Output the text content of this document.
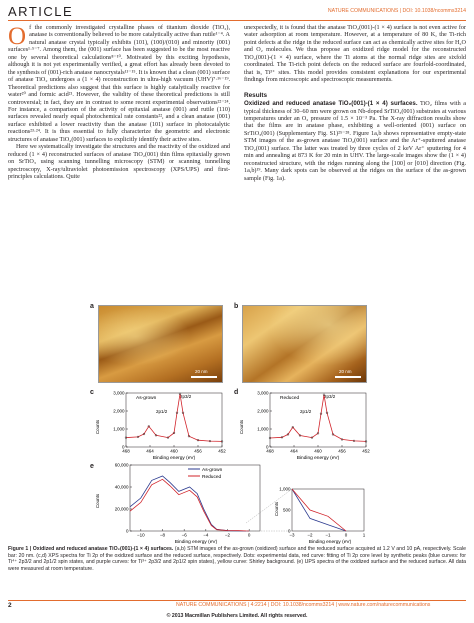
ARTICLE	NATURE COMMUNICATIONS | DOI: 10.1038/ncomms3214

Of the commonly investigated crystalline phases of titanium dioxide (TiO₂), anatase is conventionally believed to be more catalytically active than rutile¹⁻⁴. A natural anatase crystal typically exhibits (101), (100)/(010) and minority (001) surfaces¹·⁵⁻⁷. Among them, the (001) surface has been suggested to be the most reactive one by several theoretical calculations⁸⁻¹⁰. Motivated by this exciting hypothesis, although it is not yet experimentally verified, a great effort has already been devoted to the synthesis of (001)-rich anatase nanocrystals¹¹⁻¹⁵. It is known that a clean (001) surface of anatase TiO₂ undergoes a (1 × 4) reconstruction in ultra-high vacuum (UHV)⁷·¹⁶⁻¹⁹. Theoretical predictions also suggest that this surface is highly catalytically reactive for water²⁰ and formic acid²¹. However, the validity of these theoretical predictions is still controversial; in fact, they are in contrast to some recent experimental observations²²⁻²⁴. For instance, a comparison of the activity of epitaxial anatase (001) and rutile (110) surfaces revealed nearly equal photochemical rate constants²², and a clean anatase (001) surface exhibited a lower reactivity than the anatase (101) surface in photocatalytic reactions²³·²⁴. It is thus essential to fully characterize the geometric and electronic structures of anatase TiO₂(001) surfaces to explicitly identify their active sites.

Here we systematically investigate the structures and the reactivity of the oxidized and reduced (1 × 4) reconstructed surfaces of anatase TiO₂(001) thin films epitaxially grown on SrTiO₃ using scanning tunnelling microscopy (STM) or scanning tunnelling spectroscopy, X-ray/ultraviolet photoemission spectroscopy (XPS/UPS) and first-principles calculations. Quite

unexpectedly, it is found that the anatase TiO₂(001)-(1 × 4) surface is not even active for water adsorption at room temperature. However, at a temperature of 80 K, the Ti-rich point defects at the ridge in the reduced surface can act as chemically active sites for H₂O and O₂ molecules. We thus propose an oxidized ridge model for the reconstructed TiO₂(001)-(1 × 4) surface, where the Ti atoms at the normal ridge sites are sixfold coordinated. The Ti-rich point defects on the reduced surface are fourfold-coordinated, that is, Ti³⁺ sites. This model provides consistent explanations for our experimental findings from microscopic and spectroscopic measurements.

Results

Oxidized and reduced anatase TiO₂(001)-(1 × 4) surfaces. TiO₂ films with a typical thickness of 30–60 nm were grown on Nb-doped SrTiO₃(001) substrates at various temperatures under an O₂ pressure of 1.5 × 10⁻³ Pa. The X-ray diffraction results show that the films are in anatase phase, exhibiting a well-oriented (001) surface on SrTiO₃(001) (Supplementary Fig. S1)²⁵⁻²⁸. Figure 1a,b shows representative empty-state STM images of the as-grown anatase TiO₂(001) surface and the Ar⁺-sputtered anatase TiO₂(001) surface. The latter was treated by three cycles of 2 keV Ar⁺ sputtering for 4 min and annealing at 873 K for 20 min in UHV. The large-scale images show the (1 × 4) reconstructed structure, with the ridges running along the [100] or [010] direction (Fig. 1a,b)¹⁹. Many dark spots can be observed at the ridges on the surface of the as-grown sample (Fig. 1a).

a
20 nm
b
20 nm
c
Counts
Binding energy (eV)
As-grown	2p3/2
2p1/2
3,000
2,000
1,000
0
468	464	460	456	452
d
Counts
Binding energy (eV)
Reduced	2p3/2
2p1/2
3,000
2,000
1,000
0
468	464	460	456	452
e
Counts
Binding energy (eV)
As-grown
Reduced
Binding energy (eV)
Counts
60,000
40,000
20,000
0
−10	−8	−6	−4	−2	0
1,000
500
0
−3	−2	−1	0	1
Figure 1 | Oxidized and reduced anatase TiO₂(001)-(1 × 4) surfaces. (a,b) STM images of the as-grown (oxidized) surface and the reduced surface acquired at 1.2 V and 10 pA, respectively. Scale bar: 20 nm. (c,d) XPS spectra for Ti 2p of the oxidized surface and the reduced surface, respectively. Dots: experimental data, red curve: fitting of Ti 2p core level by synthetic peaks (blue curves: for Ti⁴⁺ 2p3/2 and 2p1/2 spin states, and purple curves: for Ti³⁺ 2p3/2 and 2p1/2 spin states), yellow curve: Shirley background. (e) UPS spectra of the oxidized surface and the reduced surface. All data were measured at room temperature.
2	NATURE COMMUNICATIONS | 4:2214 | DOI: 10.1038/ncomms3214 | www.nature.com/naturecommunications
© 2013 Macmillan Publishers Limited. All rights reserved.
